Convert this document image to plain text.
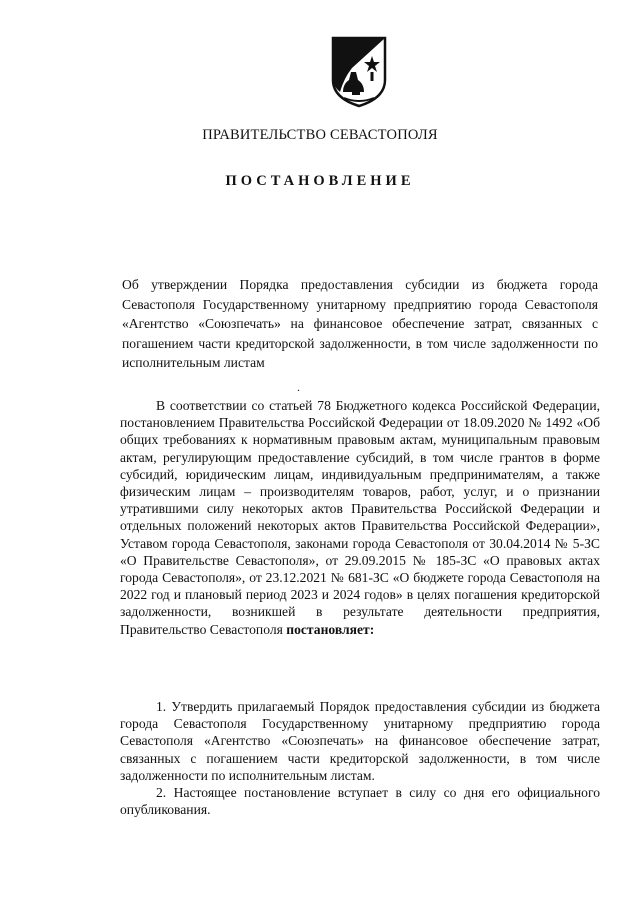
ПРАВИТЕЛЬСТВО СЕВАСТОПОЛЯ
ПОСТАНОВЛЕНИЕ
Об утверждении Порядка предоставления субсидии из бюджета города Севастополя Государственному унитарному предприятию города Севастополя «Агентство «Союзпечать» на финансовое обеспечение затрат, связанных с погашением части кредиторской задолженности, в том числе задолженности по исполнительным листам
.

В соответствии со статьей 78 Бюджетного кодекса Российской Федерации, постановлением Правительства Российской Федерации от 18.09.2020 № 1492 «Об общих требованиях к нормативным правовым актам, муниципальным правовым актам, регулирующим предоставление субсидий, в том числе грантов в форме субсидий, юридическим лицам, индивидуальным предпринимателям, а также физическим лицам – производителям товаров, работ, услуг, и о признании утратившими силу некоторых актов Правительства Российской Федерации и отдельных положений некоторых актов Правительства Российской Федерации», Уставом города Севастополя, законами города Севастополя от 30.04.2014 № 5-ЗС «О Правительстве Севастополя», от 29.09.2015 № 185-ЗС «О правовых актах города Севастополя», от 23.12.2021 № 681-ЗС «О бюджете города Севастополя на 2022 год и плановый период 2023 и 2024 годов» в целях погашения кредиторской задолженности, возникшей в результате деятельности предприятия, Правительство Севастополя постановляет:

1. Утвердить прилагаемый Порядок предоставления субсидии из бюджета города Севастополя Государственному унитарному предприятию города Севастополя «Агентство «Союзпечать» на финансовое обеспечение затрат, связанных с погашением части кредиторской задолженности, в том числе задолженности по исполнительным листам.

2. Настоящее постановление вступает в силу со дня его официального опубликования.
